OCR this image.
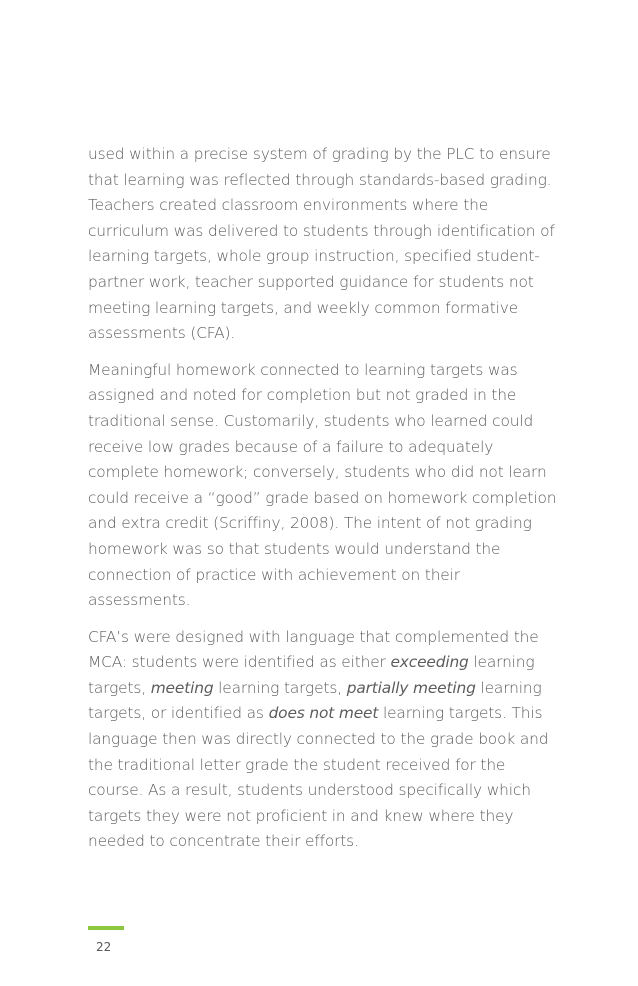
used within a precise system of grading by the PLC to ensure that learning was reflected through standards-based grading. Teachers created classroom environments where the curriculum was delivered to students through identification of learning targets, whole group instruction, specified student-partner work, teacher supported guidance for students not meeting learning targets, and weekly common formative assessments (CFA).

Meaningful homework connected to learning targets was assigned and noted for completion but not graded in the traditional sense. Customarily, students who learned could receive low grades because of a failure to adequately complete homework; conversely, students who did not learn could receive a “good” grade based on homework completion and extra credit (Scriffiny, 2008). The intent of not grading homework was so that students would understand the connection of practice with achievement on their assessments.

CFA’s were designed with language that complemented the MCA: students were identified as either exceeding learning targets, meeting learning targets, partially meeting learning targets, or identified as does not meet learning targets. This language then was directly connected to the grade book and the traditional letter grade the student received for the course. As a result, students understood specifically which targets they were not proficient in and knew where they needed to concentrate their efforts.

22
